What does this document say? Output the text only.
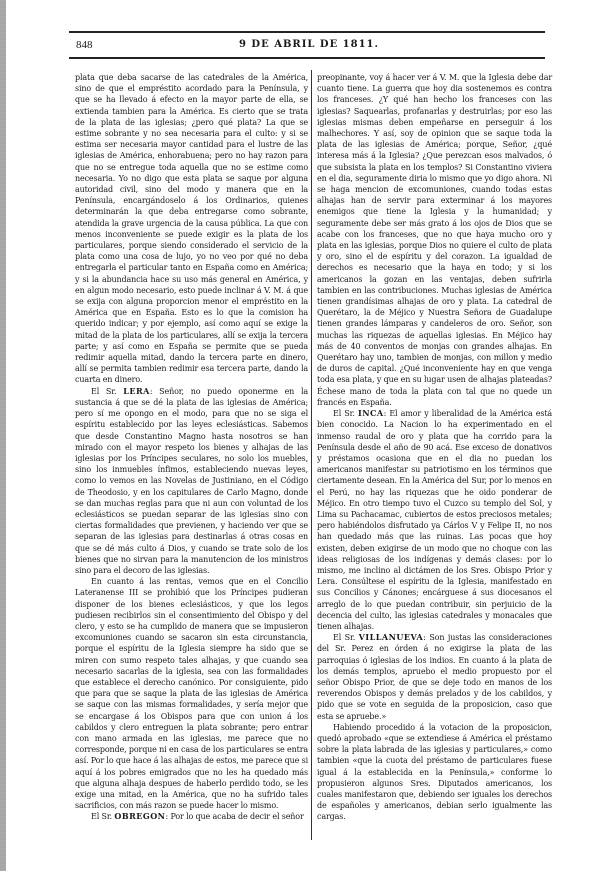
848	9 DE ABRIL DE 1811.

plata que deba sacarse de las catedrales de la América, sino de que el empréstito acordado para la Península, y que se ha llevado á efecto en la mayor parte de ella, se extienda tambien para la América. Es cierto que se trata de la plata de las iglesias; ¿pero qué plata? La que se estime sobrante y no sea necesaria para el culto: y si se estima ser necesaria mayor cantidad para el lustre de las iglesias de América, enhorabuena; pero no hay razon para que no se entregue toda aquella que no se estime como necesaria. Yo no digo que esta plata se saque por alguna autoridad civil, sino del modo y manera que en la Península, encargándoselo á los Ordinarios, quienes determinarán la que deba entregarse como sobrante, atendida la grave urgencia de la causa pública. La que con menos inconveniente se puede exigir es la plata de los particulares, porque siendo considerado el servicio de la plata como una cosa de lujo, yo no veo por qué no deba entregarla el particular tanto en España como en América; y si la abundancia hace su uso más general en América, y en algun modo necesario, esto puede inclinar á V. M. á que se exija con alguna proporcion menor el empréstito en la América que en España. Esto es lo que la comision ha querido indicar; y por ejemplo, así como aquí se exige la mitad de la plata de los particulares, allí se exija la tercera parte; y así como en España se permite que se pueda redimir aquella mitad, dando la tercera parte en dinero, allí se permita tambien redimir esa tercera parte, dando la cuarta en dinero.

El Sr. LERA: Señor, no puedo oponerme en la sustancia á que se dé la plata de las iglesias de América; pero sí me opongo en el modo, para que no se siga el espíritu establecido por las leyes eclesiásticas. Sabemos que desde Constantino Magno hasta nosotros se han mirado con el mayor respeto los bienes y alhajas de las iglesias por los Príncipes seculares, no solo los muebles, sino los inmuebles ínfimos, estableciendo nuevas leyes, como lo vemos en las Novelas de Justiniano, en el Código de Theodosio, y en los capitulares de Carlo Magno, donde se dan muchas reglas para que ni aun con voluntad de los eclesiásticos se puedan separar de las iglesias sino con ciertas formalidades que previenen, y haciendo ver que se separan de las iglesias para destinarlas á otras cosas en que se dé más culto á Dios, y cuando se trate solo de los bienes que no sirvan para la manutencion de los ministros sino para el decoro de las iglesias.

En cuanto á las rentas, vemos que en el Concilio Lateranense III se prohibió que los Príncipes pudieran disponer de los bienes eclesiásticos, y que los legos pudiesen recibirlos sin el consentimiento del Obispo y del clero, y esto se ha cumplido de manera que se impusieron excomuniones cuando se sacaron sin esta circunstancia, porque el espíritu de la Iglesia siempre ha sido que se miren con sumo respeto tales alhajas, y que cuando sea necesario sacarlas de la iglesia, sea con las formalidades que establece el derecho canónico. Por consiguiente, pido que para que se saque la plata de las iglesias de América se saque con las mismas formalidades, y sería mejor que se encargase á los Obispos para que con union á los cabildos y clero entreguen la plata sobrante; pero entrar con mano armada en las iglesias, me parece que no corresponde, porque ni en casa de los particulares se entra así. Por lo que hace á las alhajas de estos, me parece que si aquí á los pobres emigrados que no les ha quedado más que alguna alhaja despues de haberlo perdido todo, se les exige una mitad, en la América, que no ha sufrido tales sacrificios, con más razon se puede hacer lo mismo.

El Sr. OBREGON: Por lo que acaba de decir el señor

preopinante, voy á hacer ver á V. M. que la Iglesia debe dar cuanto tiene. La guerra que hoy dia sostenemos es contra los franceses. ¿Y qué han hecho los franceses con las iglesias? Saquearlas, profanarlas y destruirlas; por eso las iglesias mismas deben empeñarse en perseguir á los malhechores. Y así, soy de opinion que se saque toda la plata de las iglesias de América; porque, Señor, ¿qué interesa más á la Iglesia? ¿Que perezcan esos malvados, ó que subsista la plata en los templos? Si Constantino viviera en el dia, seguramente diria lo mismo que yo digo ahora. Ni se haga mencion de excomuniones, cuando todas estas alhajas han de servir para exterminar á los mayores enemigos que tiene la Iglesia y la humanidad; y seguramente debe ser más grato á los ojos de Dios que se acabe con los franceses, que no que haya mucho oro y plata en las iglesias, porque Dios no quiere el culto de plata y oro, sino el de espíritu y del corazon. La igualdad de derechos es necesario que la haya en todo; y si los americanos la gozan en las ventajas, deben sufrirla tambien en las contribuciones. Muchas iglesias de América tienen grandísimas alhajas de oro y plata. La catedral de Querétaro, la de Méjico y Nuestra Señora de Guadalupe tienen grandes lámparas y candeleros de oro. Señor, son muchas las riquezas de aquellas iglesias. En Méjico hay más de 40 conventos de monjas con grandes alhajas. En Querétaro hay uno, tambien de monjas, con millon y medio de duros de capital. ¿Qué inconveniente hay en que venga toda esa plata, y que en su lugar usen de alhajas plateadas? Échese mano de toda la plata con tal que no quede un francés en España.

El Sr. INCA: El amor y liberalidad de la América está bien conocido. La Nacion lo ha experimentado en el inmenso raudal de oro y plata que ha corrido para la Península desde el año de 90 acá. Ese exceso de donativos y préstamos ocasiona que en el dia no puedan los americanos manifestar su patriotismo en los términos que ciertamente desean. En la América del Sur, por lo menos en el Perú, no hay las riquezas que he oido ponderar de Méjico. En otro tiempo tuvo el Cuzco su templo del Sol, y Lima su Pachacamac, cubiertos de estos preciosos metales; pero habiéndolos disfrutado ya Cárlos V y Felipe II, no nos han quedado más que las ruinas. Las pocas que hoy existen, deben exigirse de un modo que no choque con las ideas religiosas de los indígenas y demás clases: por lo mismo, me inclino al dictámen de los Sres. Obispo Prior y Lera. Consúltese el espíritu de la Iglesia, manifestado en sus Concilios y Cánones; encárguese á sus diocesanos el arreglo de lo que puedan contribuir, sin perjuicio de la decencia del culto, las iglesias catedrales y monacales que tienen alhajas.

El Sr. VILLANUEVA: Son justas las consideraciones del Sr. Perez en órden á no exigirse la plata de las parroquias ó iglesias de los indios. En cuanto á la plata de los demás templos, apruebo el medio propuesto por el señor Obispo Prior, de que se deje todo en manos de los reverendos Obispos y demás prelados y de los cabildos, y pido que se vote en seguida de la proposicion, caso que esta se apruebe.»

Habiendo procedido á la votacion de la proposicion, quedó aprobado «que se extendiese á América el préstamo sobre la plata labrada de las iglesias y particulares,» como tambien «que la cuota del préstamo de particulares fuese igual á la establecida en la Península,» conforme lo propusieron algunos Sres. Diputados americanos, los cuales manifestaron que, debiendo ser iguales los derechos de españoles y americanos, debian serlo igualmente las cargas.
